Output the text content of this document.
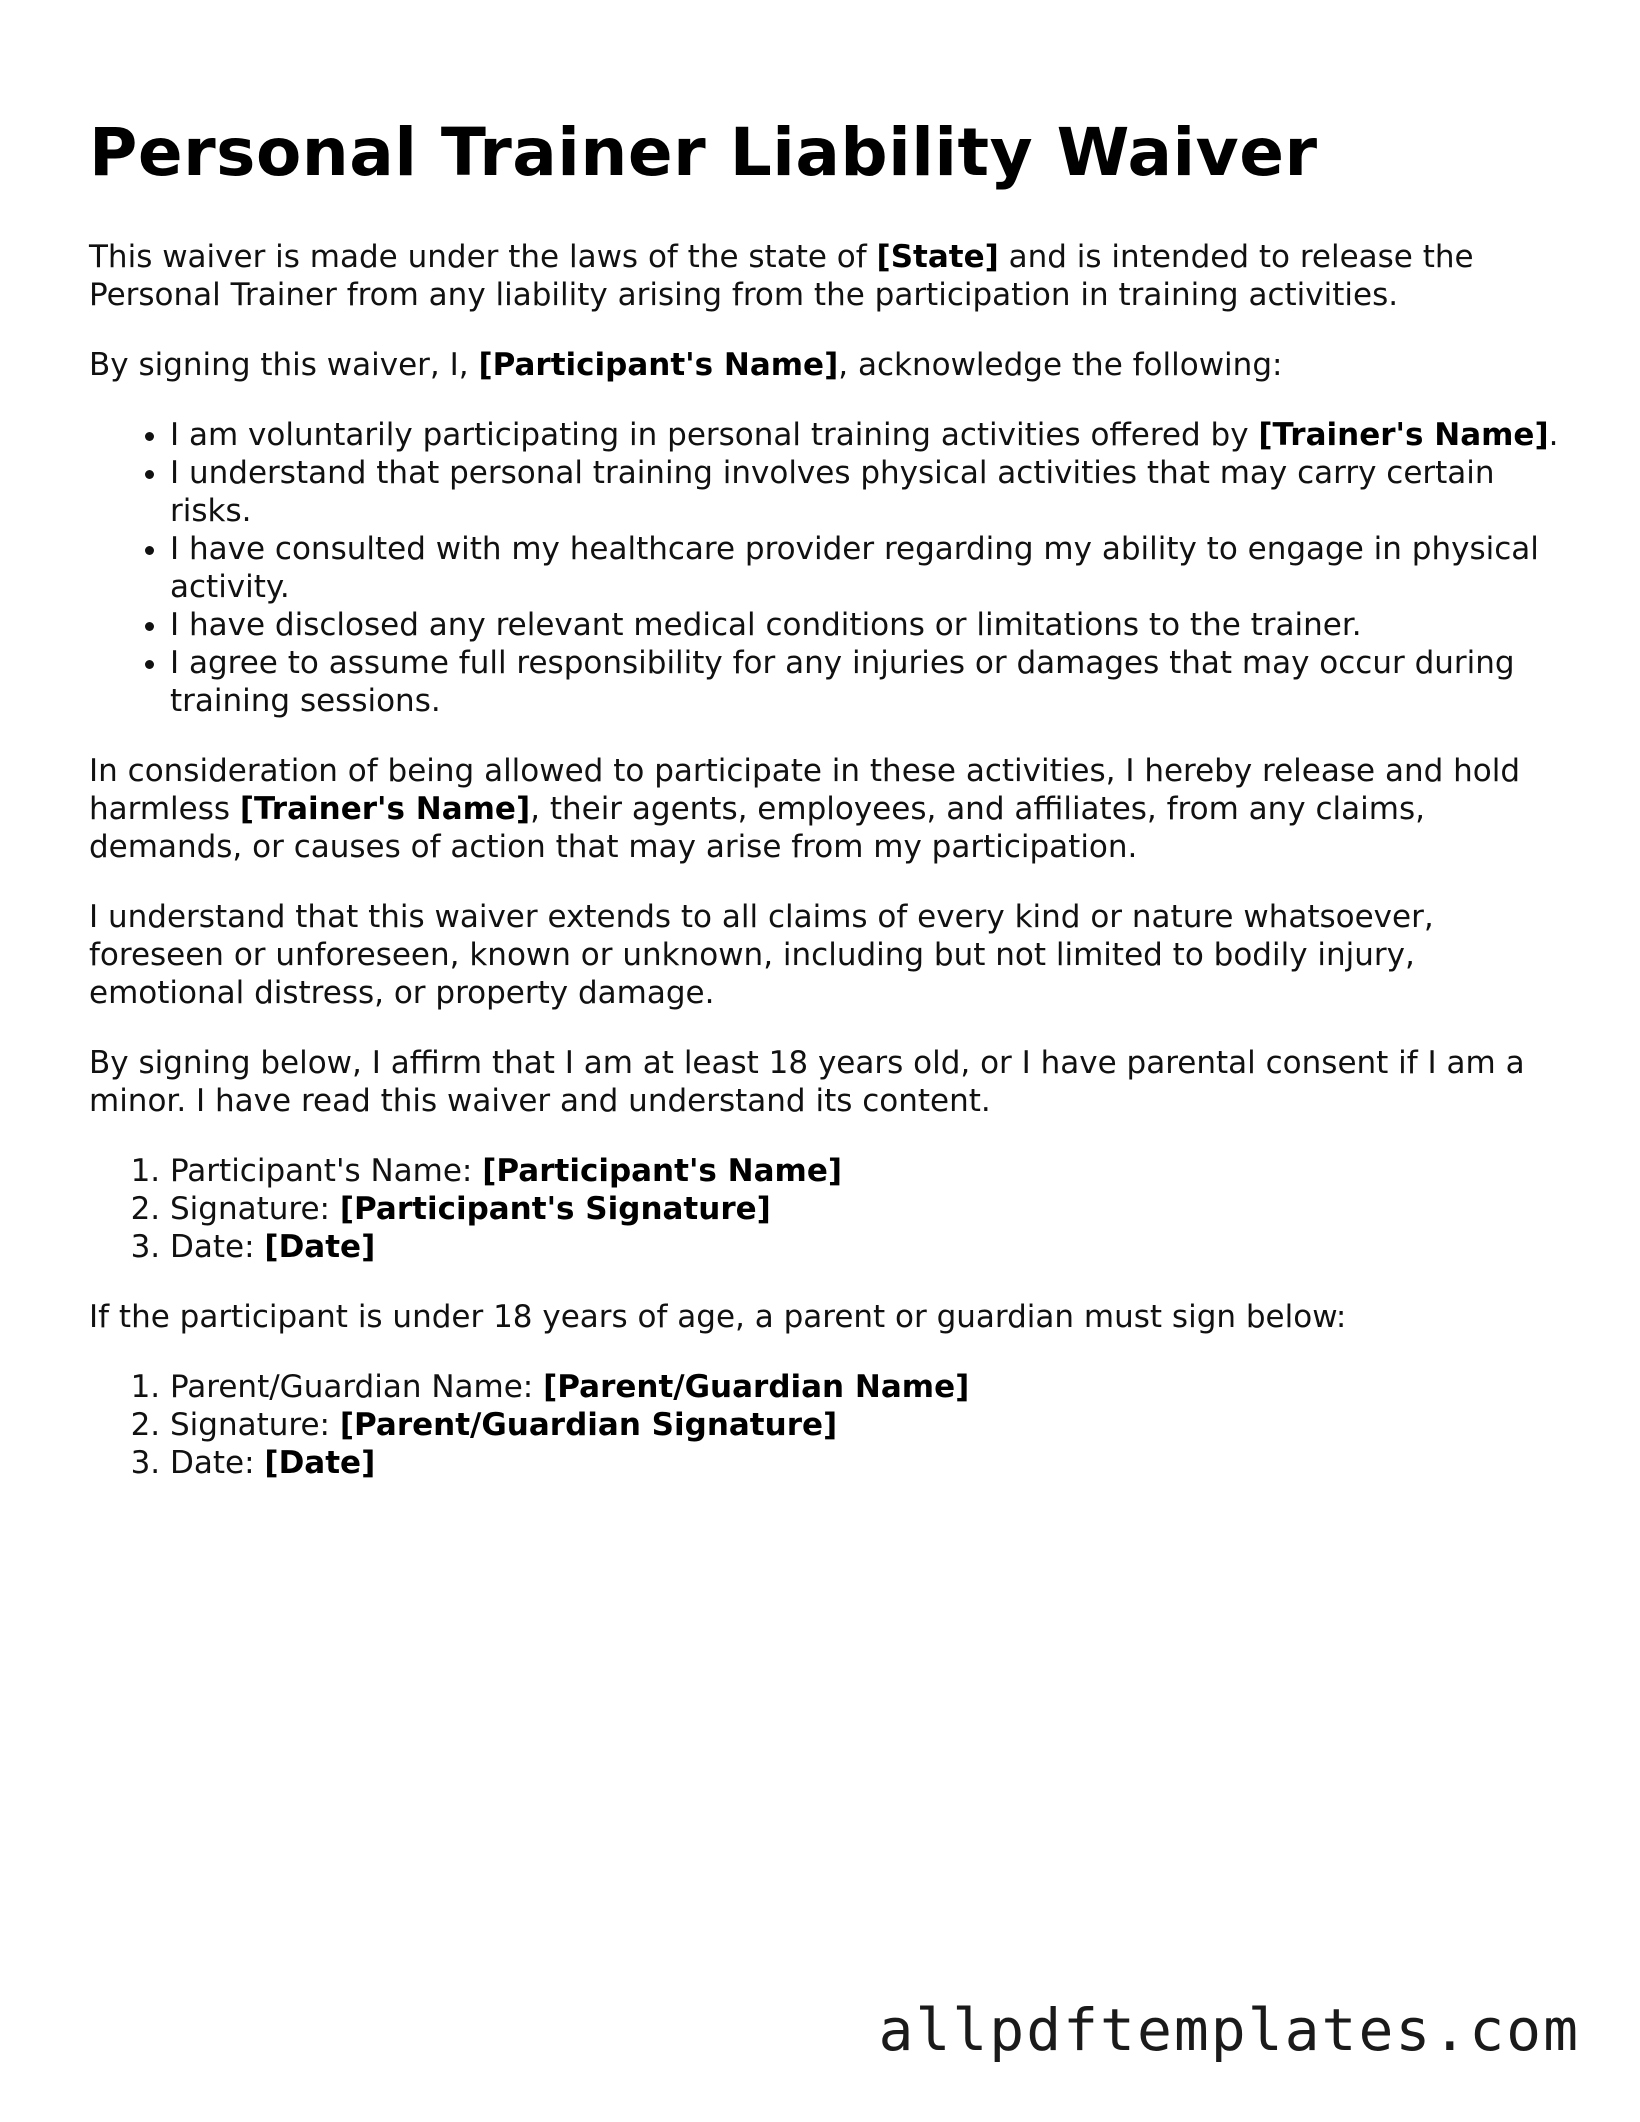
Personal Trainer Liability Waiver

This waiver is made under the laws of the state of [State] and is intended to release the Personal Trainer from any liability arising from the participation in training activities.

By signing this waiver, I, [Participant's Name], acknowledge the following:

• I am voluntarily participating in personal training activities offered by [Trainer's Name].
• I understand that personal training involves physical activities that may carry certain risks.
• I have consulted with my healthcare provider regarding my ability to engage in physical activity.
• I have disclosed any relevant medical conditions or limitations to the trainer.
• I agree to assume full responsibility for any injuries or damages that may occur during training sessions.

In consideration of being allowed to participate in these activities, I hereby release and hold harmless [Trainer's Name], their agents, employees, and affiliates, from any claims, demands, or causes of action that may arise from my participation.

I understand that this waiver extends to all claims of every kind or nature whatsoever, foreseen or unforeseen, known or unknown, including but not limited to bodily injury, emotional distress, or property damage.

By signing below, I affirm that I am at least 18 years old, or I have parental consent if I am a minor. I have read this waiver and understand its content.

1. Participant's Name: [Participant's Name]
2. Signature: [Participant's Signature]
3. Date: [Date]

If the participant is under 18 years of age, a parent or guardian must sign below:

1. Parent/Guardian Name: [Parent/Guardian Name]
2. Signature: [Parent/Guardian Signature]
3. Date: [Date]
allpdftemplates.com
